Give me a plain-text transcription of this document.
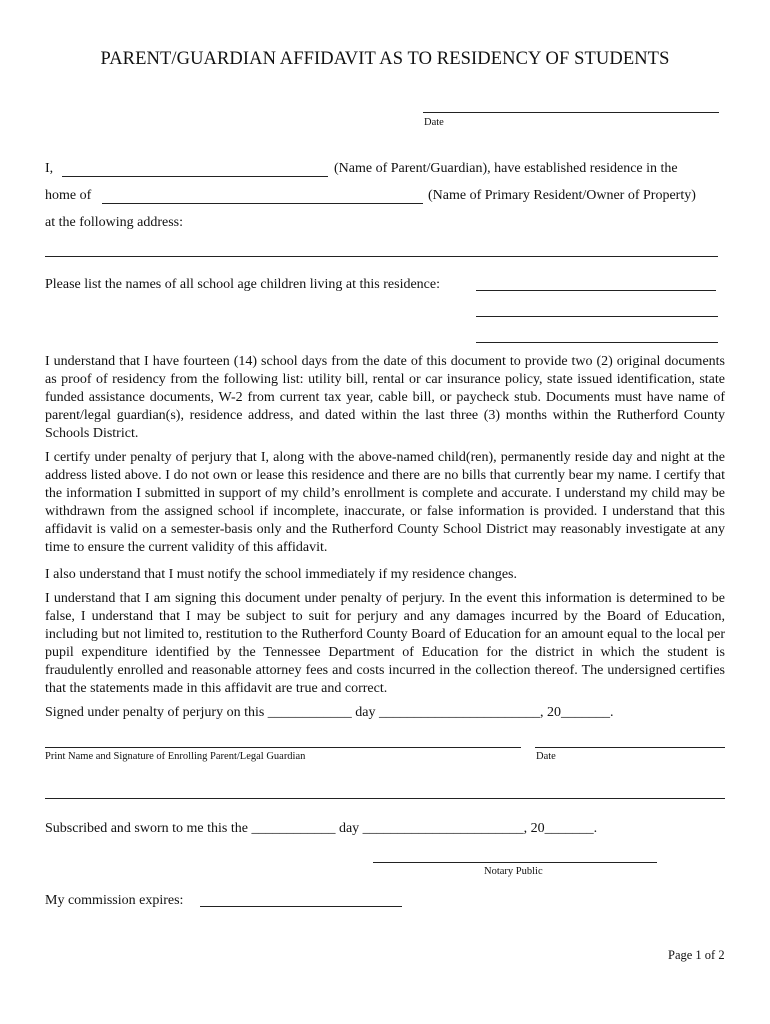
PARENT/GUARDIAN AFFIDAVIT AS TO RESIDENCY OF STUDENTS
Date
I,	(Name of Parent/Guardian), have established residence in the
home of	(Name of Primary Resident/Owner of Property)
at the following address:
Please list the names of all school age children living at this residence:
I understand that I have fourteen (14) school days from the date of this document to provide two (2) original documents as proof of residency from the following list: utility bill, rental or car insurance policy, state issued identification, state funded assistance documents, W-2 from current tax year, cable bill, or paycheck stub. Documents must have name of parent/legal guardian(s), residence address, and dated within the last three (3) months within the Rutherford County Schools District.
I certify under penalty of perjury that I, along with the above-named child(ren), permanently reside day and night at the address listed above. I do not own or lease this residence and there are no bills that currently bear my name. I certify that the information I submitted in support of my child’s enrollment is complete and accurate. I understand my child may be withdrawn from the assigned school if incomplete, inaccurate, or false information is provided. I understand that this affidavit is valid on a semester-basis only and the Rutherford County School District may reasonably investigate at any time to ensure the current validity of this affidavit.
I also understand that I must notify the school immediately if my residence changes.
I understand that I am signing this document under penalty of perjury. In the event this information is determined to be false, I understand that I may be subject to suit for perjury and any damages incurred by the Board of Education, including but not limited to, restitution to the Rutherford County Board of Education for an amount equal to the local per pupil expenditure identified by the Tennessee Department of Education for the district in which the student is fraudulently enrolled and reasonable attorney fees and costs incurred in the collection thereof. The undersigned certifies that the statements made in this affidavit are true and correct.
Signed under penalty of perjury on this ____________ day _______________________, 20_______.
Print Name and Signature of Enrolling Parent/Legal Guardian	Date
Subscribed and sworn to me this the ____________ day _______________________, 20_______.
Notary Public
My commission expires:
Page 1 of 2
